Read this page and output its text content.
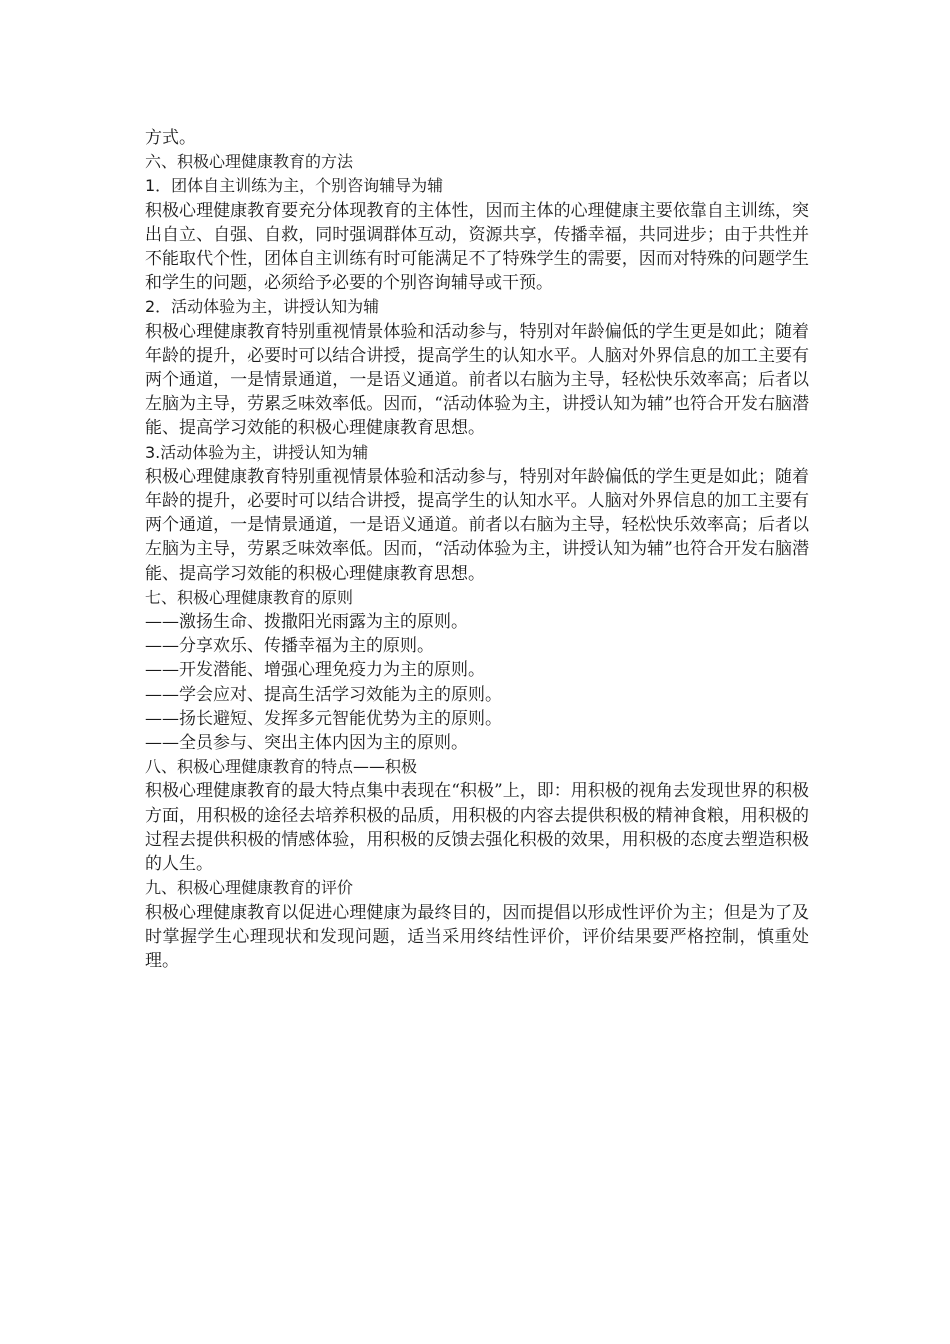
方式。

六、积极心理健康教育的方法

1．团体自主训练为主，个别咨询辅导为辅

积极心理健康教育要充分体现教育的主体性，因而主体的心理健康主要依靠自主训练，突出自立、自强、自救，同时强调群体互动，资源共享，传播幸福，共同进步；由于共性并不能取代个性，团体自主训练有时可能满足不了特殊学生的需要，因而对特殊的问题学生和学生的问题，必须给予必要的个别咨询辅导或干预。

2．活动体验为主，讲授认知为辅

积极心理健康教育特别重视情景体验和活动参与，特别对年龄偏低的学生更是如此；随着年龄的提升，必要时可以结合讲授，提高学生的认知水平。人脑对外界信息的加工主要有两个通道，一是情景通道，一是语义通道。前者以右脑为主导，轻松快乐效率高；后者以左脑为主导，劳累乏味效率低。因而，“活动体验为主，讲授认知为辅”也符合开发右脑潜能、提高学习效能的积极心理健康教育思想。

3.活动体验为主，讲授认知为辅

积极心理健康教育特别重视情景体验和活动参与，特别对年龄偏低的学生更是如此；随着年龄的提升，必要时可以结合讲授，提高学生的认知水平。人脑对外界信息的加工主要有两个通道，一是情景通道，一是语义通道。前者以右脑为主导，轻松快乐效率高；后者以左脑为主导，劳累乏味效率低。因而，“活动体验为主，讲授认知为辅”也符合开发右脑潜能、提高学习效能的积极心理健康教育思想。

七、积极心理健康教育的原则

——激扬生命、拨撒阳光雨露为主的原则。

——分享欢乐、传播幸福为主的原则。

——开发潜能、增强心理免疫力为主的原则。

——学会应对、提高生活学习效能为主的原则。

——扬长避短、发挥多元智能优势为主的原则。

——全员参与、突出主体内因为主的原则。

八、积极心理健康教育的特点——积极

积极心理健康教育的最大特点集中表现在“积极”上，即：用积极的视角去发现世界的积极方面，用积极的途径去培养积极的品质，用积极的内容去提供积极的精神食粮，用积极的过程去提供积极的情感体验，用积极的反馈去强化积极的效果，用积极的态度去塑造积极的人生。

九、积极心理健康教育的评价

积极心理健康教育以促进心理健康为最终目的，因而提倡以形成性评价为主；但是为了及时掌握学生心理现状和发现问题，适当采用终结性评价，评价结果要严格控制，慎重处理。
